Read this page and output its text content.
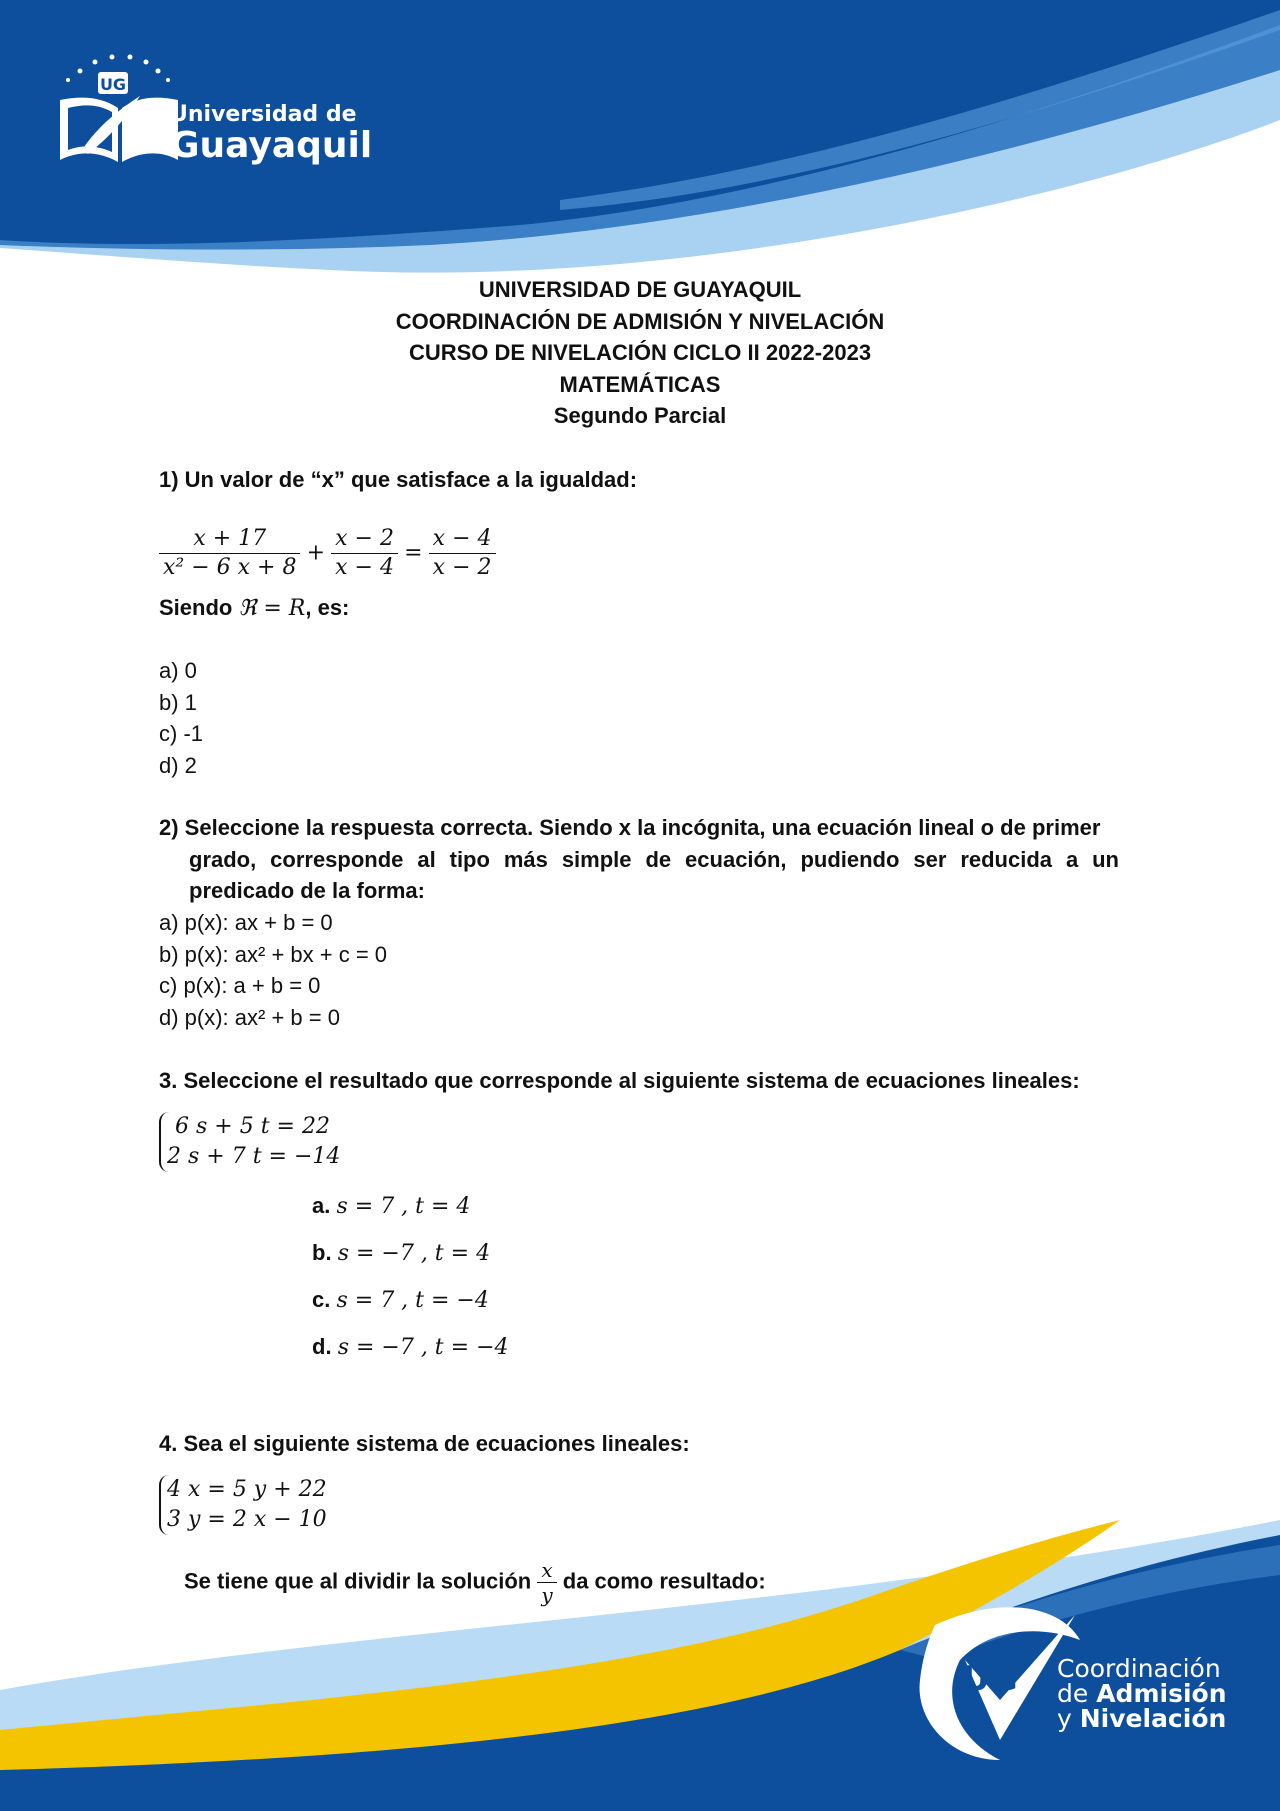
UG
UG
Universidad de
Guayaquil
UNIVERSIDAD DE GUAYAQUIL
COORDINACIÓN DE ADMISIÓN Y NIVELACIÓN
CURSO DE NIVELACIÓN CICLO II 2022-2023
MATEMÁTICAS
Segundo Parcial
1) Un valor de “x” que satisface a la igualdad:
$\frac{x + 17}{\text{x² − 6 x + 8}} + \frac{x - 2}{x - 4} = \frac{x - 4}{x - 2}$
Siendo ℜ = R, es:
a) 0
b) 1
c) -1
d) 2
2) Seleccione la respuesta correcta. Siendo x la incógnita, una ecuación lineal o de primer
grado, corresponde al tipo más simple de ecuación, pudiendo ser reducida a un
predicado de la forma:
a) p(x): ax + b = 0
b) p(x): ax² + bx + c = 0
c) p(x): a + b = 0
d) p(x): ax² + b = 0
3. Seleccione el resultado que corresponde al siguiente sistema de ecuaciones lineales:
6 s + 5 t = 22
2 s + 7 t = −14
a. s = 7 , t = 4
b. s = −7 , t = 4
c. s = 7 , t = −4
d. s = −7 , t = −4
4. Sea el siguiente sistema de ecuaciones lineales:
4 x = 5 y + 22
3 y = 2 x − 10
Se tiene que al dividir la solución $\frac{x}{y}$ da como resultado:
Coordinación
de Admisión
y Nivelación
